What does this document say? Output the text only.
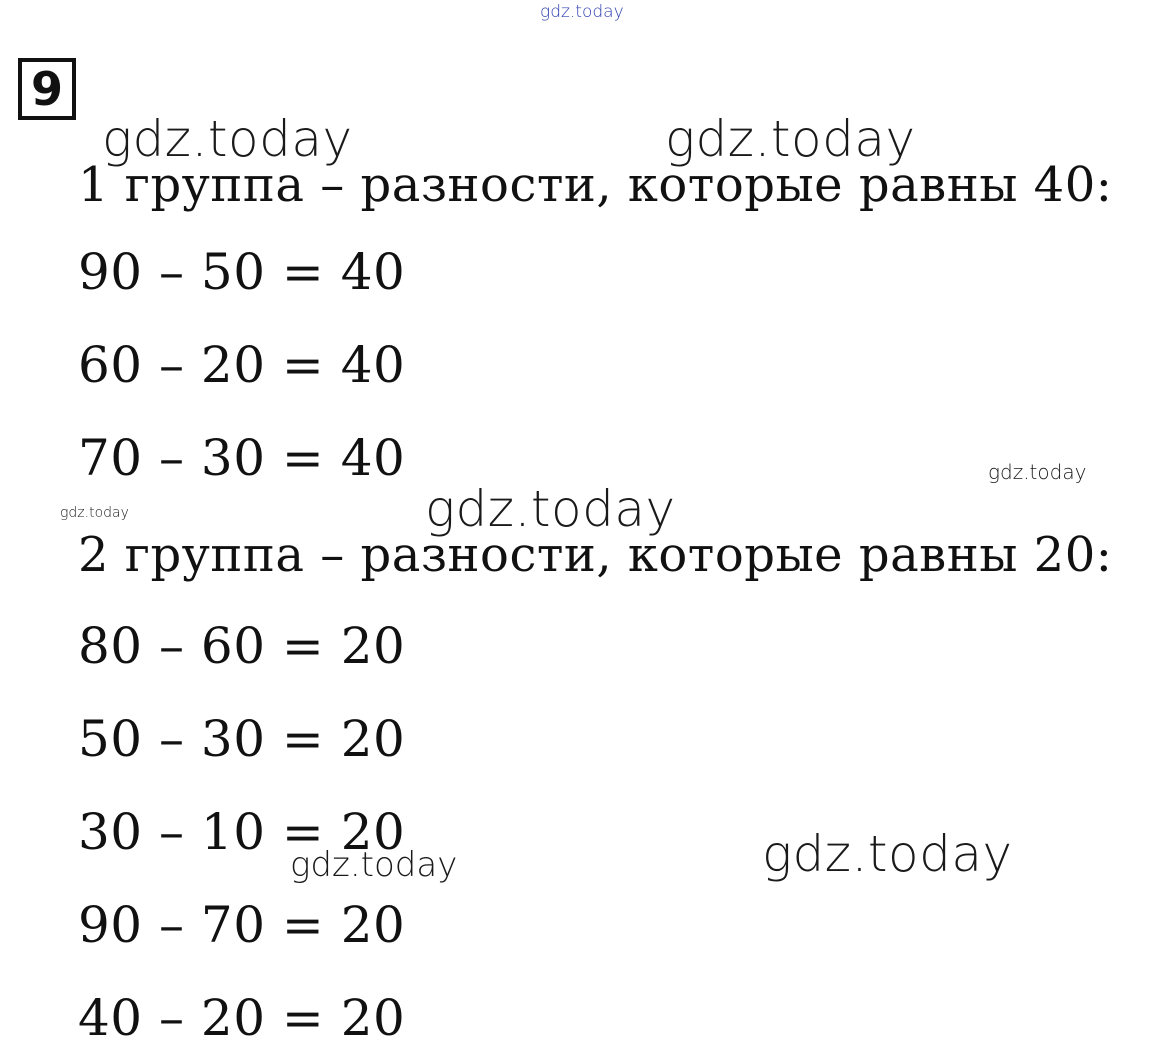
gdz.today
9
1 группа – разности, которые равны 40:
90 – 50 = 40
60 – 20 = 40
70 – 30 = 40
2 группа – разности, которые равны 20:
80 – 60 = 20
50 – 30 = 20
30 – 10 = 20
90 – 70 = 20
40 – 20 = 20
gdz.today	gdz.today
gdz.today
gdz.today
gdz.today
gdz.today	gdz.today
